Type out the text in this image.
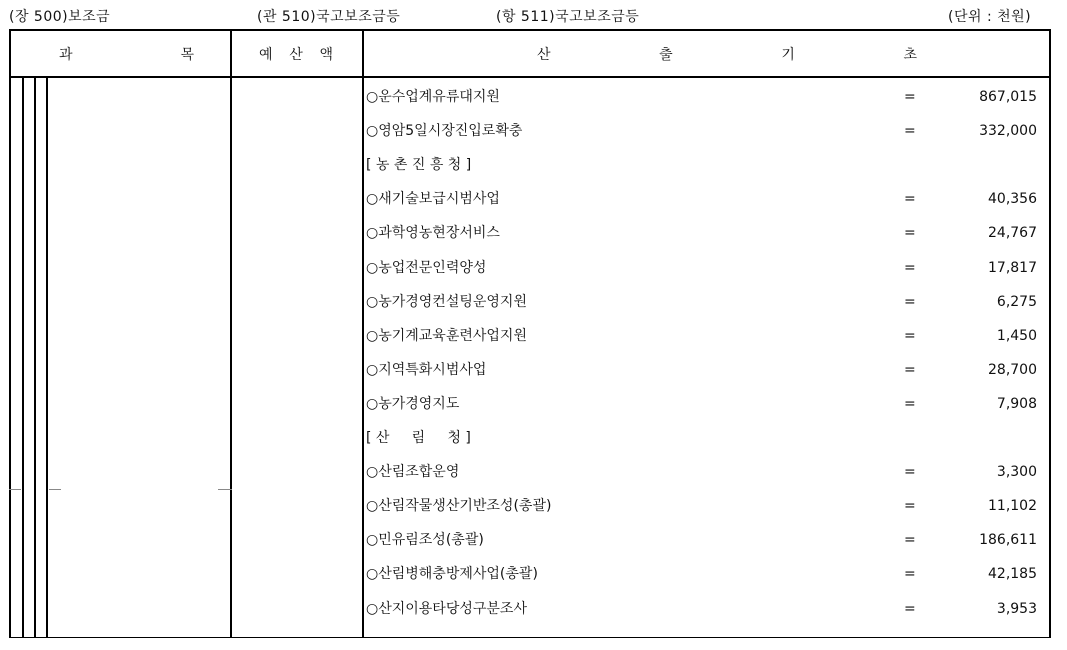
(장 500)보조금	(관 510)국고보조금등	(항 511)국고보조금등	(단위 : 천원)
과	목	예 산 액	산	출	기	초
○운수업계유류대지원	=	867,015
○영암5일시장진입로확충	=	332,000
[ 농 촌 진 흥 청 ]
○새기술보급시범사업	=	40,356
○과학영농현장서비스	=	24,767
○농업전문인력양성	=	17,817
○농가경영컨설팅운영지원	=	6,275
○농기계교육훈련사업지원	=	1,450
○지역특화시범사업	=	28,700
○농가경영지도	=	7,908
[ 산     림     청 ]
○산림조합운영	=	3,300
○산림작물생산기반조성(총괄)	=	11,102
○민유림조성(총괄)	=	186,611
○산림병해충방제사업(총괄)	=	42,185
○산지이용타당성구분조사	=	3,953
